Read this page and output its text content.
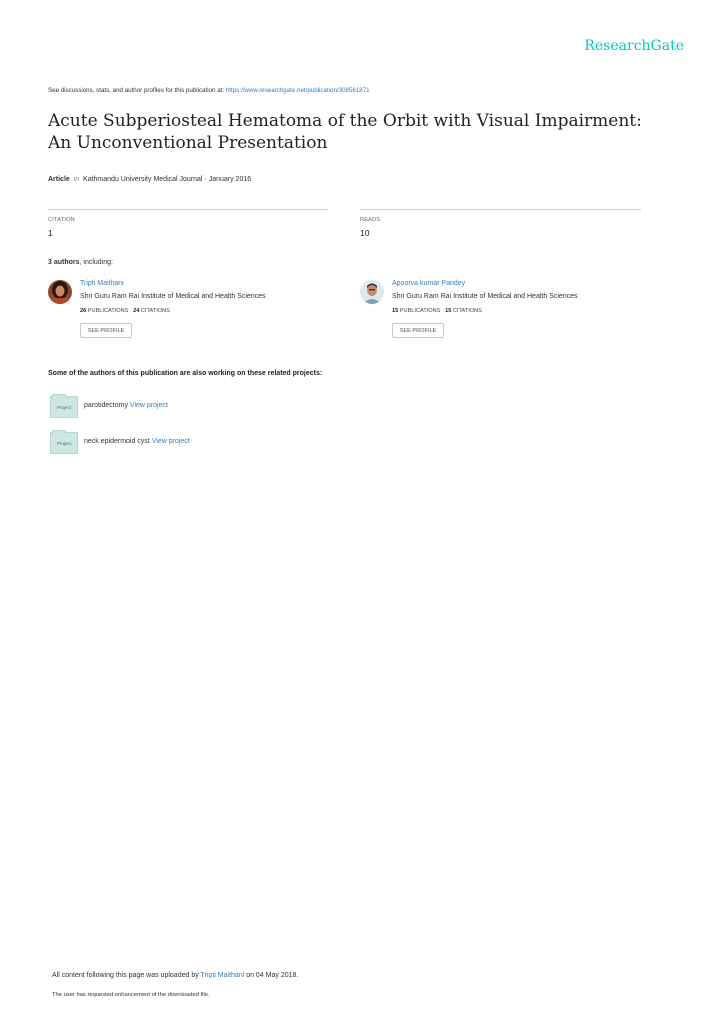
ResearchGate
See discussions, stats, and author profiles for this publication at: https://www.researchgate.net/publication/308561871
Acute Subperiosteal Hematoma of the Orbit with Visual Impairment: An Unconventional Presentation
Article in Kathmandu University Medical Journal · January 2016
CITATION
1
READS
10
3 authors, including:
Tripti Maithani
Shri Guru Ram Rai Institute of Medical and Health Sciences
26 PUBLICATIONS 24 CITATIONS
SEE PROFILE
Apoorva kumar Pandey
Shri Guru Ram Rai Institute of Medical and Health Sciences
15 PUBLICATIONS 15 CITATIONS
SEE PROFILE
Some of the authors of this publication are also working on these related projects:
Project parotidectomy View project
Project neck epidermoid cyst View project
All content following this page was uploaded by Tripti Maithani on 04 May 2018.
The user has requested enhancement of the downloaded file.
